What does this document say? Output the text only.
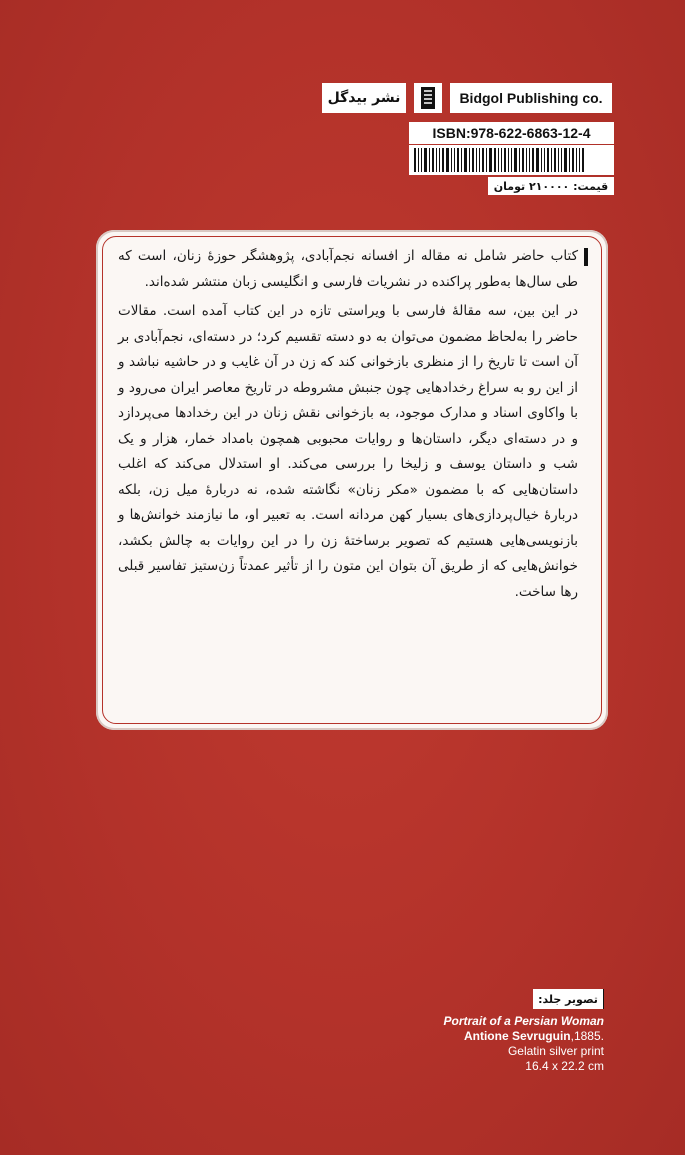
نشر بیدگل	Bidgol Publishing co.
ISBN:978-622-6863-12-4
قیمت: ۲۱۰۰۰۰ تومان

کتاب حاضر شامل نه مقاله از افسانه نجم‌آبادی، پژوهشگر حوزهٔ زنان، است که طی سال‌ها به‌طور پراکنده در نشریات فارسی و انگلیسی زبان منتشر شده‌اند.

در این بین، سه مقالهٔ فارسی با ویراستی تازه در این کتاب آمده است. مقالات حاضر را به‌لحاظ مضمون می‌توان به دو دسته تقسیم کرد؛ در دسته‌ای، نجم‌آبادی بر آن است تا تاریخ را از منظری بازخوانی کند که زن در آن غایب و در حاشیه نباشد و از این رو به سراغ رخدادهایی چون جنبش مشروطه در تاریخ معاصر ایران می‌رود و با واکاوی اسناد و مدارک موجود، به بازخوانی نقش زنان در این رخدادها می‌پردازد و در دسته‌ای دیگر، داستان‌ها و روایات محبوبی همچون بامداد خمار، هزار و یک شب و داستان یوسف و زلیخا را بررسی می‌کند. او استدلال می‌کند که اغلب داستان‌هایی که با مضمون «مکر زنان» نگاشته شده، نه دربارهٔ میل زن، بلکه دربارهٔ خیال‌پردازی‌های بسیار کهن مردانه است. به تعبیر او، ما نیازمند خوانش‌ها و بازنویسی‌هایی هستیم که تصویر برساختهٔ زن را در این روایات به چالش بکشد، خوانش‌هایی که از طریق آن بتوان این متون را از تأثیر عمدتاً زن‌ستیز تفاسیر قبلی رها ساخت.

تصویر جلد:
Portrait of a Persian Woman
Antione Sevruguin,1885.
Gelatin silver print
16.4 x 22.2 cm
